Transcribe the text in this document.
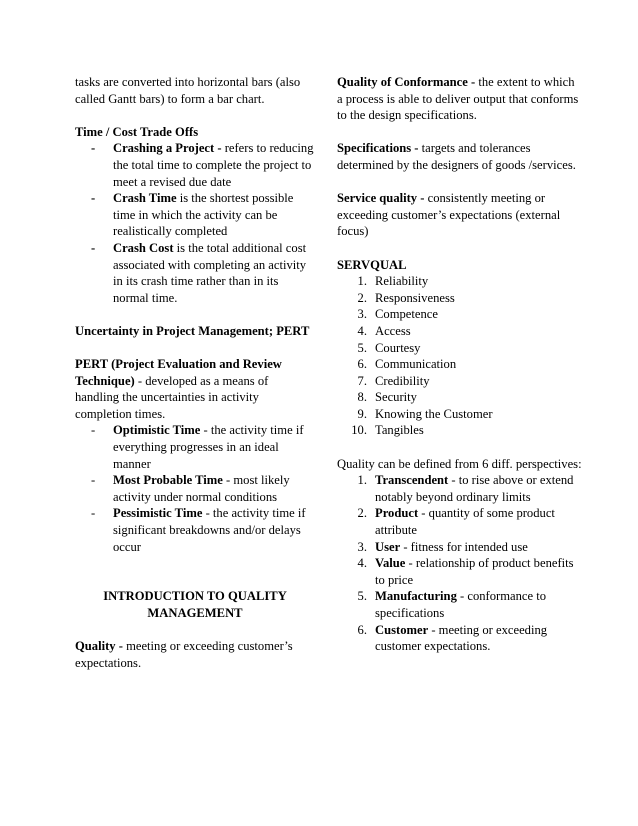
tasks are converted into horizontal bars (also called Gantt bars) to form a bar chart.

Time / Cost Trade Offs

- Crashing a Project - refers to reducing the total time to complete the project to meet a revised due date
- Crash Time is the shortest possible time in which the activity can be realistically completed
- Crash Cost is the total additional cost associated with completing an activity in its crash time rather than in its normal time.

Uncertainty in Project Management; PERT

PERT (Project Evaluation and Review Technique) - developed as a means of handling the uncertainties in activity completion times.

- Optimistic Time - the activity time if everything progresses in an ideal manner
- Most Probable Time - most likely activity under normal conditions
- Pessimistic Time - the activity time if significant breakdowns and/or delays occur

INTRODUCTION TO QUALITY MANAGEMENT

Quality - meeting or exceeding customer’s expectations.

Quality of Conformance - the extent to which a process is able to deliver output that conforms to the design specifications.

Specifications - targets and tolerances determined by the designers of goods /services.

Service quality - consistently meeting or exceeding customer’s expectations (external focus)

SERVQUAL

1. Reliability
2. Responsiveness
3. Competence
4. Access
5. Courtesy
6. Communication
7. Credibility
8. Security
9. Knowing the Customer
10. Tangibles

Quality can be defined from 6 diff. perspectives:

1. Transcendent - to rise above or extend notably beyond ordinary limits
2. Product - quantity of some product attribute
3. User - fitness for intended use
4. Value - relationship of product benefits to price
5. Manufacturing - conformance to specifications
6. Customer - meeting or exceeding customer expectations.
